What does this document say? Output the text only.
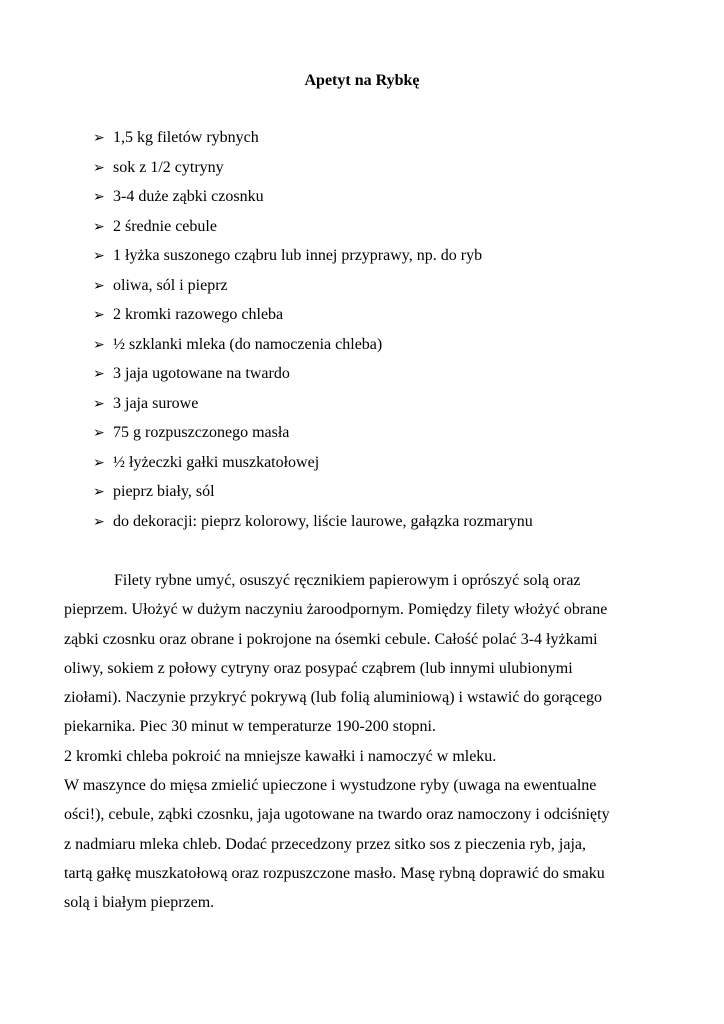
Apetyt na Rybkę
➢ 1,5 kg filetów rybnych
➢ sok z 1/2 cytryny
➢ 3-4 duże ząbki czosnku
➢ 2 średnie cebule
➢ 1 łyżka suszonego cząbru lub innej przyprawy, np. do ryb
➢ oliwa, sól i pieprz
➢ 2 kromki razowego chleba
➢ ½ szklanki mleka (do namoczenia chleba)
➢ 3 jaja ugotowane na twardo
➢ 3 jaja surowe
➢ 75 g rozpuszczonego masła
➢ ½ łyżeczki gałki muszkatołowej
➢ pieprz biały, sól
➢ do dekoracji: pieprz kolorowy, liście laurowe, gałązka rozmarynu

Filety rybne umyć, osuszyć ręcznikiem papierowym i oprószyć solą oraz

pieprzem. Ułożyć w dużym naczyniu żaroodpornym. Pomiędzy filety włożyć obrane

ząbki czosnku oraz obrane i pokrojone na ósemki cebule. Całość polać 3-4 łyżkami

oliwy, sokiem z połowy cytryny oraz posypać cząbrem (lub innymi ulubionymi

ziołami). Naczynie przykryć pokrywą (lub folią aluminiową) i wstawić do gorącego

piekarnika. Piec 30 minut w temperaturze 190-200 stopni.

2 kromki chleba pokroić na mniejsze kawałki i namoczyć w mleku.

W maszynce do mięsa zmielić upieczone i wystudzone ryby (uwaga na ewentualne

ości!), cebule, ząbki czosnku, jaja ugotowane na twardo oraz namoczony i odciśnięty

z nadmiaru mleka chleb. Dodać przecedzony przez sitko sos z pieczenia ryb, jaja,

tartą gałkę muszkatołową oraz rozpuszczone masło. Masę rybną doprawić do smaku

solą i białym pieprzem.
